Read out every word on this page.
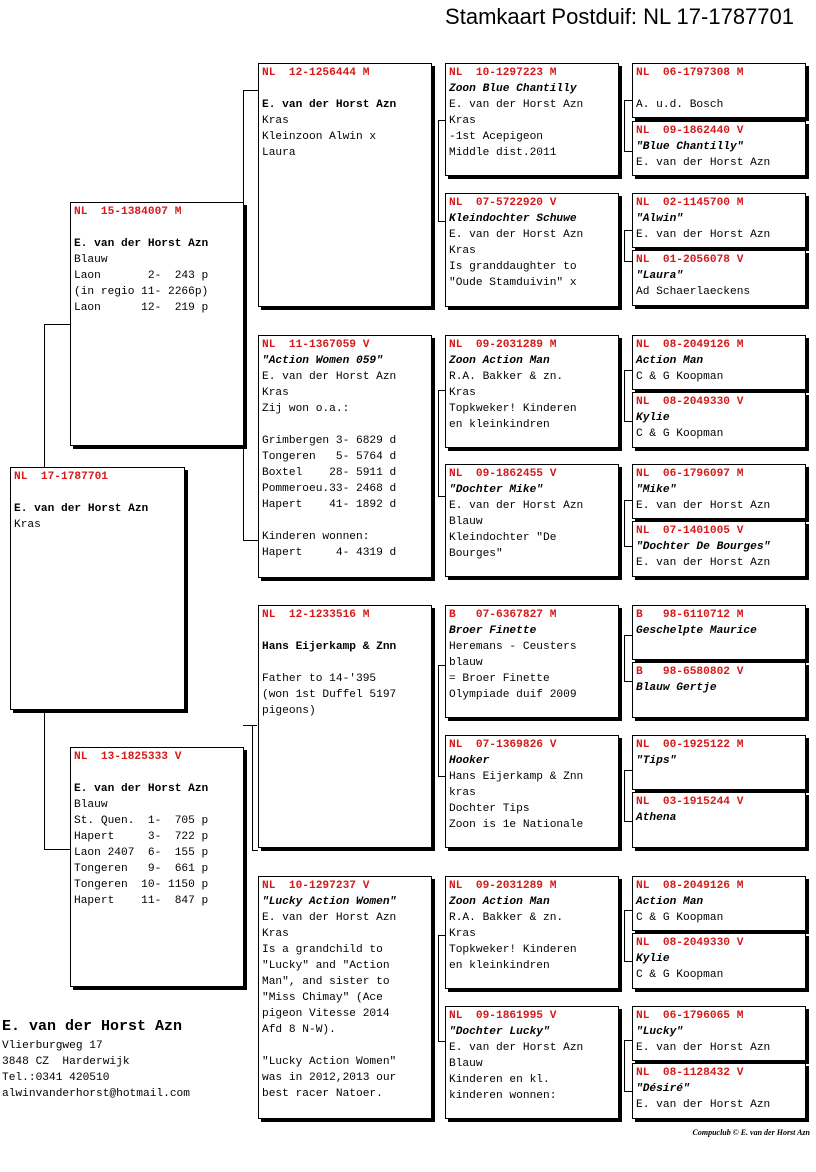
Stamkaart Postduif: NL 17-1787701
NL  17-1787701

E. van der Horst Azn
Kras
NL  15-1384007 M

E. van der Horst Azn
Blauw
Laon       2-  243 p
(in regio 11- 2266p)
Laon      12-  219 p
NL  13-1825333 V

E. van der Horst Azn
Blauw
St. Quen.  1-  705 p
Hapert     3-  722 p
Laon 2407  6-  155 p
Tongeren   9-  661 p
Tongeren  10- 1150 p
Hapert    11-  847 p
NL  12-1256444 M

E. van der Horst Azn
Kras
Kleinzoon Alwin x
Laura
NL  11-1367059 V
"Action Women 059"
E. van der Horst Azn
Kras
Zij won o.a.:

Grimbergen 3- 6829 d
Tongeren   5- 5764 d
Boxtel    28- 5911 d
Pommeroeu.33- 2468 d
Hapert    41- 1892 d

Kinderen wonnen:
Hapert     4- 4319 d
NL  12-1233516 M

Hans Eijerkamp & Znn

Father to 14-'395
(won 1st Duffel 5197
pigeons)
NL  10-1297237 V
"Lucky Action Women"
E. van der Horst Azn
Kras
Is a grandchild to
"Lucky" and "Action
Man", and sister to
"Miss Chimay" (Ace
pigeon Vitesse 2014
Afd 8 N-W).

"Lucky Action Women"
was in 2012,2013 our
best racer Natoer.
NL  10-1297223 M
Zoon Blue Chantilly
E. van der Horst Azn
Kras
-1st Acepigeon
Middle dist.2011
NL  07-5722920 V
Kleindochter Schuwe
E. van der Horst Azn
Kras
Is granddaughter to
"Oude Stamduivin" x
NL  09-2031289 M
Zoon Action Man
R.A. Bakker & zn.
Kras
Topkweker! Kinderen
en kleinkindren
NL  09-1862455 V
"Dochter Mike"
E. van der Horst Azn
Blauw
Kleindochter "De
Bourges"
B   07-6367827 M
Broer Finette
Heremans - Ceusters
blauw
= Broer Finette
Olympiade duif 2009
NL  07-1369826 V
Hooker
Hans Eijerkamp & Znn
kras
Dochter Tips
Zoon is 1e Nationale
NL  09-2031289 M
Zoon Action Man
R.A. Bakker & zn.
Kras
Topkweker! Kinderen
en kleinkindren
NL  09-1861995 V
"Dochter Lucky"
E. van der Horst Azn
Blauw
Kinderen en kl.
kinderen wonnen:
NL  06-1797308 M

A. u.d. Bosch
NL  09-1862440 V
"Blue Chantilly"
E. van der Horst Azn
NL  02-1145700 M
"Alwin"
E. van der Horst Azn
NL  01-2056078 V
"Laura"
Ad Schaerlaeckens
NL  08-2049126 M
Action Man
C & G Koopman
NL  08-2049330 V
Kylie
C & G Koopman
NL  06-1796097 M
"Mike"
E. van der Horst Azn
NL  07-1401005 V
"Dochter De Bourges"
E. van der Horst Azn
B   98-6110712 M
Geschelpte Maurice
B   98-6580802 V
Blauw Gertje
NL  00-1925122 M
"Tips"
NL  03-1915244 V
Athena
NL  08-2049126 M
Action Man
C & G Koopman
NL  08-2049330 V
Kylie
C & G Koopman
NL  06-1796065 M
"Lucky"
E. van der Horst Azn
NL  08-1128432 V
"Désiré"
E. van der Horst Azn
E. van der Horst Azn
Vlierburgweg 17
3848 CZ  Harderwijk
Tel.:0341 420510
alwinvanderhorst@hotmail.com
Compuclub © E. van der Horst Azn
